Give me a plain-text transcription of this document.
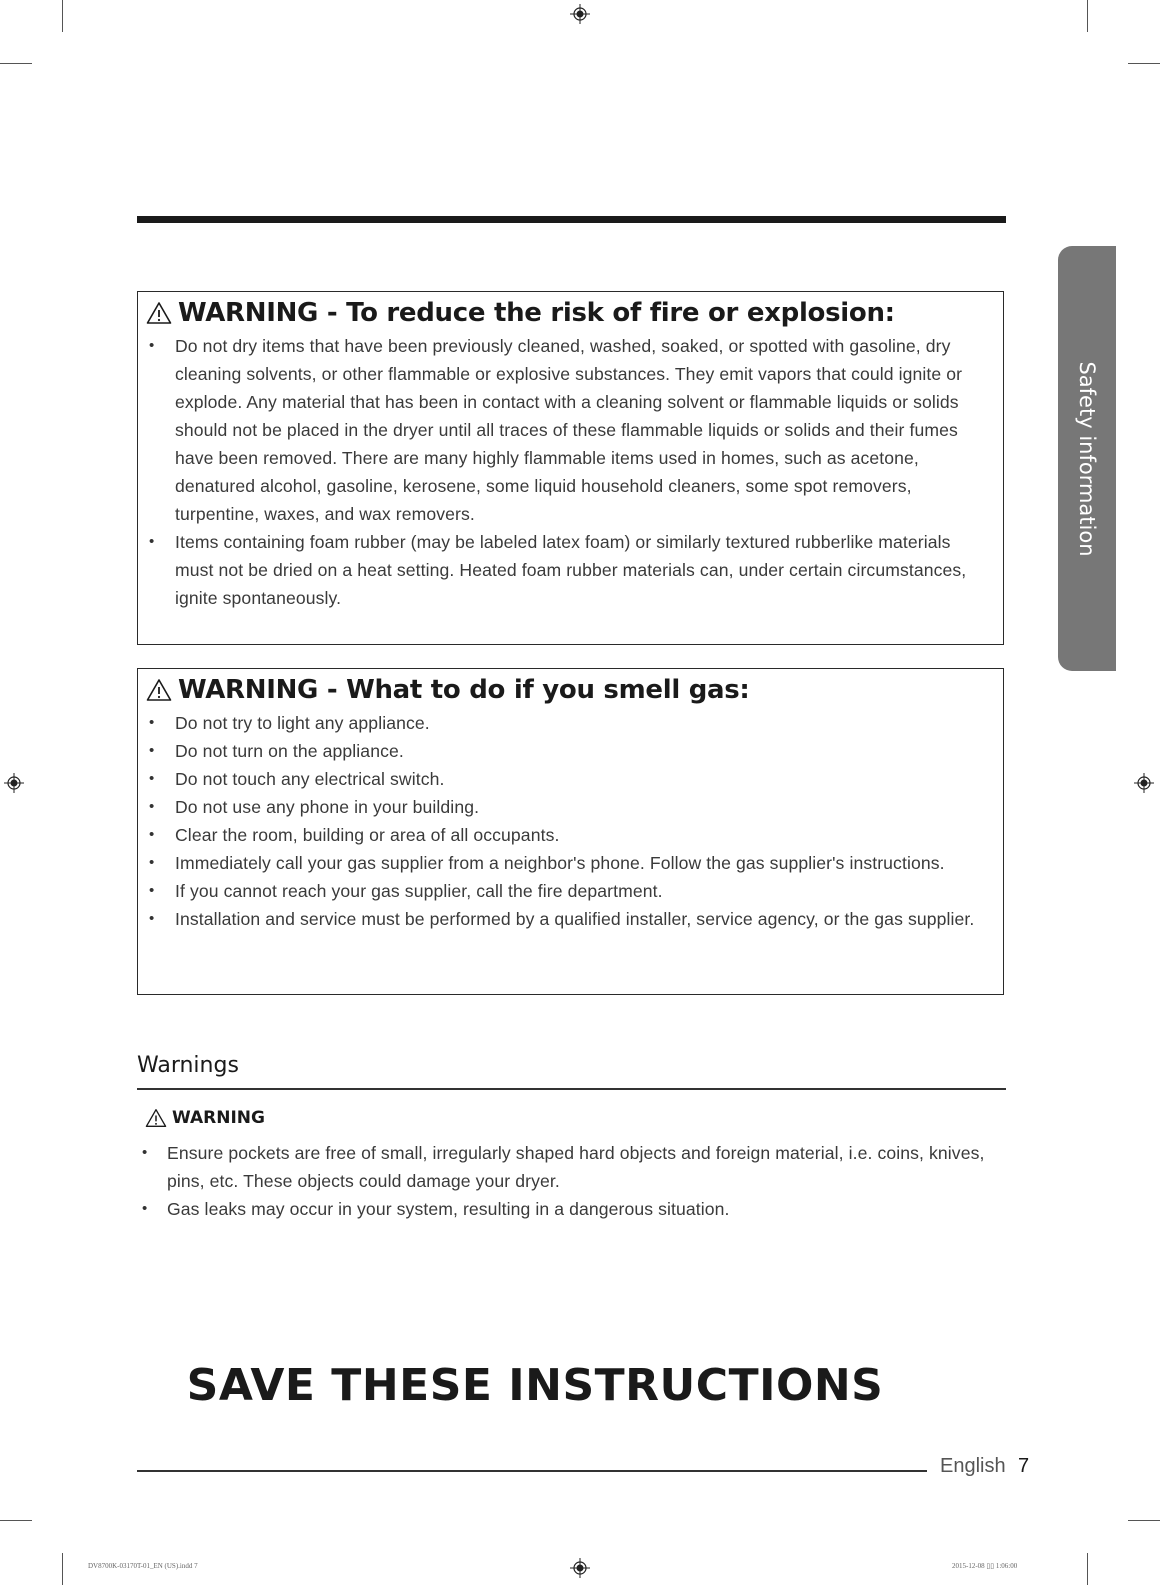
WARNING - To reduce the risk of fire or explosion:
• Do not dry items that have been previously cleaned, washed, soaked, or spotted with gasoline, dry cleaning solvents, or other flammable or explosive substances. They emit vapors that could ignite or explode. Any material that has been in contact with a cleaning solvent or flammable liquids or solids should not be placed in the dryer until all traces of these flammable liquids or solids and their fumes have been removed. There are many highly flammable items used in homes, such as acetone, denatured alcohol, gasoline, kerosene, some liquid household cleaners, some spot removers, turpentine, waxes, and wax removers.
• Items containing foam rubber (may be labeled latex foam) or similarly textured rubberlike materials must not be dried on a heat setting. Heated foam rubber materials can, under certain circumstances, ignite spontaneously.
WARNING - What to do if you smell gas:
• Do not try to light any appliance.
• Do not turn on the appliance.
• Do not touch any electrical switch.
• Do not use any phone in your building.
• Clear the room, building or area of all occupants.
• Immediately call your gas supplier from a neighbor's phone. Follow the gas supplier's instructions.
• If you cannot reach your gas supplier, call the fire department.
• Installation and service must be performed by a qualified installer, service agency, or the gas supplier.
Warnings
WARNING
• Ensure pockets are free of small, irregularly shaped hard objects and foreign material, i.e. coins, knives, pins, etc. These objects could damage your dryer.
• Gas leaks may occur in your system, resulting in a dangerous situation.
SAVE THESE INSTRUCTIONS
English 7
Safety information
DV8700K-03170T-01_EN (US).indd 7	2015-12-08 ▯▯ 1:06:00
